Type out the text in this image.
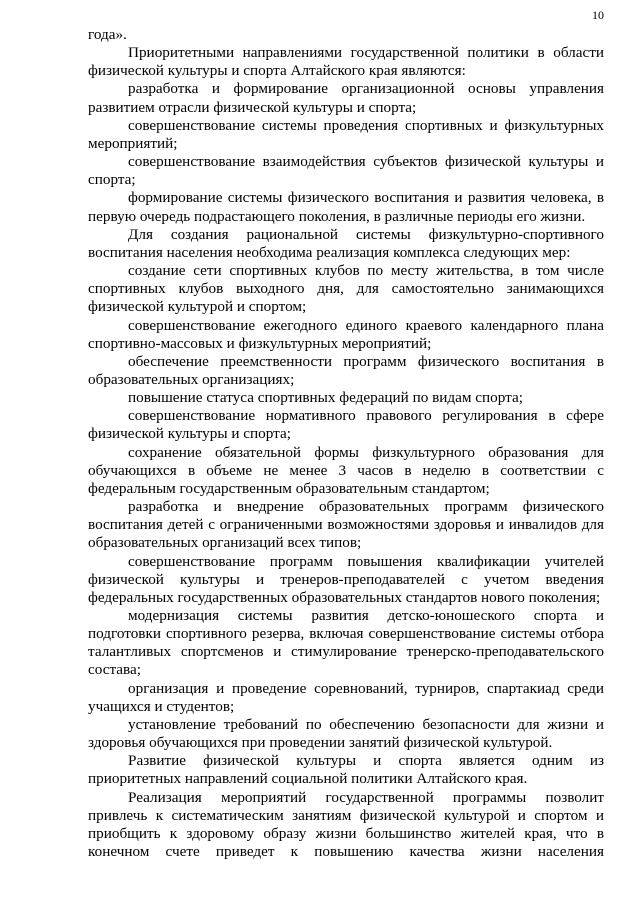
10

года».

Приоритетными направлениями государственной политики в области физической культуры и спорта Алтайского края являются:

разработка и формирование организационной основы управления развитием отрасли физической культуры и спорта;

совершенствование системы проведения спортивных и физкультурных мероприятий;

совершенствование взаимодействия субъектов физической культуры и спорта;

формирование системы физического воспитания и развития человека, в первую очередь подрастающего поколения, в различные периоды его жизни.

Для создания рациональной системы физкультурно-спортивного воспитания населения необходима реализация комплекса следующих мер:

создание сети спортивных клубов по месту жительства, в том числе спортивных клубов выходного дня, для самостоятельно занимающихся физической культурой и спортом;

совершенствование ежегодного единого краевого календарного плана спортивно-массовых и физкультурных мероприятий;

обеспечение преемственности программ физического воспитания в образовательных организациях;

повышение статуса спортивных федераций по видам спорта;

совершенствование нормативного правового регулирования в сфере физической культуры и спорта;

сохранение обязательной формы физкультурного образования для обучающихся в объеме не менее 3 часов в неделю в соответствии с федеральным государственным образовательным стандартом;

разработка и внедрение образовательных программ физического воспитания детей с ограниченными возможностями здоровья и инвалидов для образовательных организаций всех типов;

совершенствование программ повышения квалификации учителей физической культуры и тренеров-преподавателей с учетом введения федеральных государственных образовательных стандартов нового поколения;

модернизация системы развития детско-юношеского спорта и подготовки спортивного резерва, включая совершенствование системы отбора талантливых спортсменов и стимулирование тренерско-преподавательского состава;

организация и проведение соревнований, турниров, спартакиад среди учащихся и студентов;

установление требований по обеспечению безопасности для жизни и здоровья обучающихся при проведении занятий физической культурой.

Развитие физической культуры и спорта является одним из приоритетных направлений социальной политики Алтайского края.

Реализация мероприятий государственной программы позволит привлечь к систематическим занятиям физической культурой и спортом и приобщить к здоровому образу жизни большинство жителей края, что в конечном счете приведет к повышению качества жизни населения
